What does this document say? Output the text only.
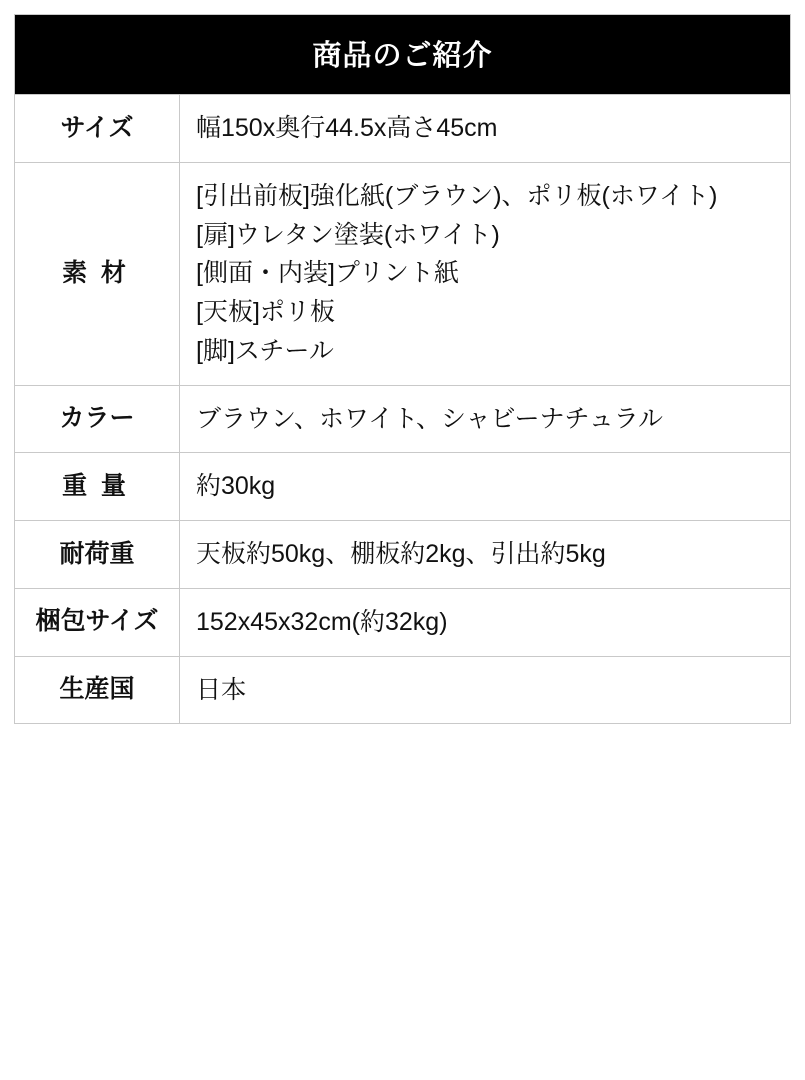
商品のご紹介	
サイズ	幅150x奥行44.5x高さ45cm

素材	[引出前板]強化紙(ブラウン)、ポリ板(ホワイト)
[扉]ウレタン塗装(ホワイト)
[側面・内装]プリント紙
[天板]ポリ板
[脚]スチール

カラー	ブラウン、ホワイト、シャビーナチュラル

重量	約30kg

耐荷重	天板約50kg、棚板約2kg、引出約5kg

梱包サイズ	152x45x32cm(約32kg)

生産国	日本
